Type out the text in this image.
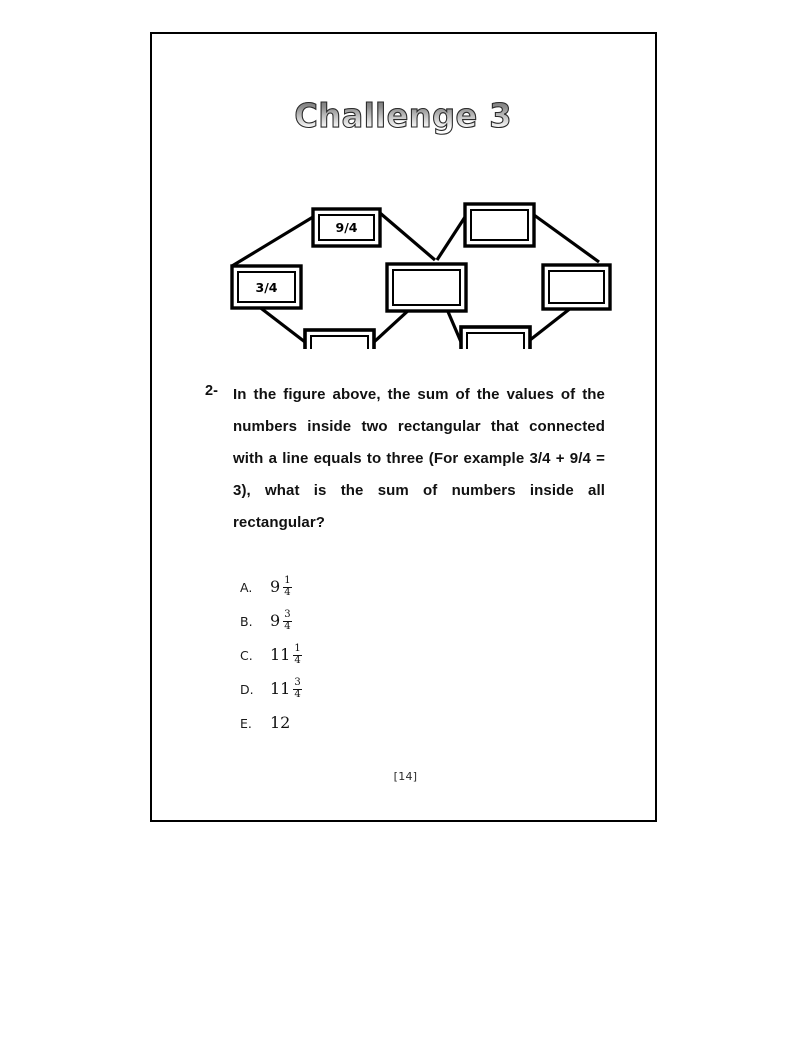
Challenge 3
3/4
9/4
2- In the figure above, the sum of the values of the numbers inside two rectangular that connected with a line equals to three (For example 3/4 + 9/4 = 3), what is the sum of numbers inside all rectangular?
A.	$9 \frac{1}{4}$
B.	$9 \frac{3}{4}$
C.	$11 \frac{1}{4}$
D.	$11 \frac{3}{4}$
E.	12
[14]
